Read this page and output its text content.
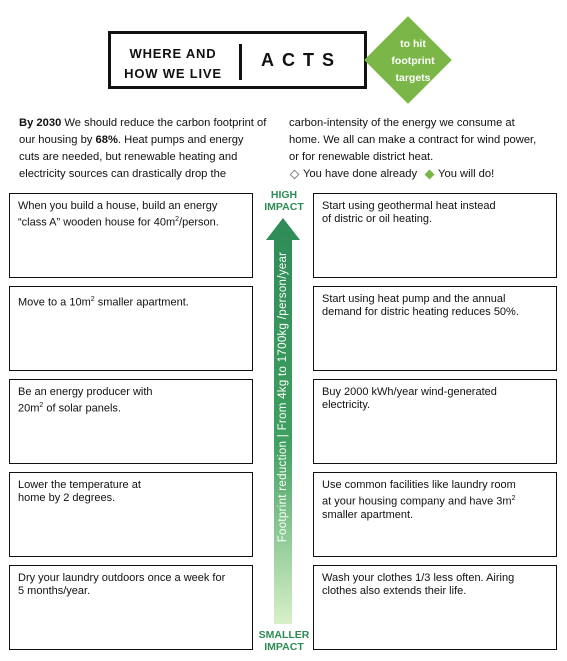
WHERE AND
HOW WE LIVE
ACTS
to hit
footprint
targets
By 2030 We should reduce the carbon footprint of
our housing by 68%. Heat pumps and energy
cuts are needed, but renewable heating and
electricity sources can drastically drop the
carbon-intensity of the energy we consume at
home. We all can make a contract for wind power,
or for renewable district heat.
You have done already You will do!
When you build a house, build an energy
“class A” wooden house for $40m^2$/person.
Move to a $10m^2$ smaller apartment.
Be an energy producer with
$20m^2$ of solar panels.
Lower the temperature at
home by 2 degrees.
Dry your laundry outdoors once a week for
5 months/year.
Start using geothermal heat instead
of distric or oil heating.
Start using heat pump and the annual
demand for distric heating reduces 50%.
Buy 2000 kWh/year wind-generated
electricity.
Use common facilities like laundry room
at your housing company and have $3m^2$
smaller apartment.
Wash your clothes 1/3 less often. Airing
clothes also extends their life.
HIGH
IMPACT
Footprint reduction | From 4kg to 1700kg /person/year
SMALLER
IMPACT
